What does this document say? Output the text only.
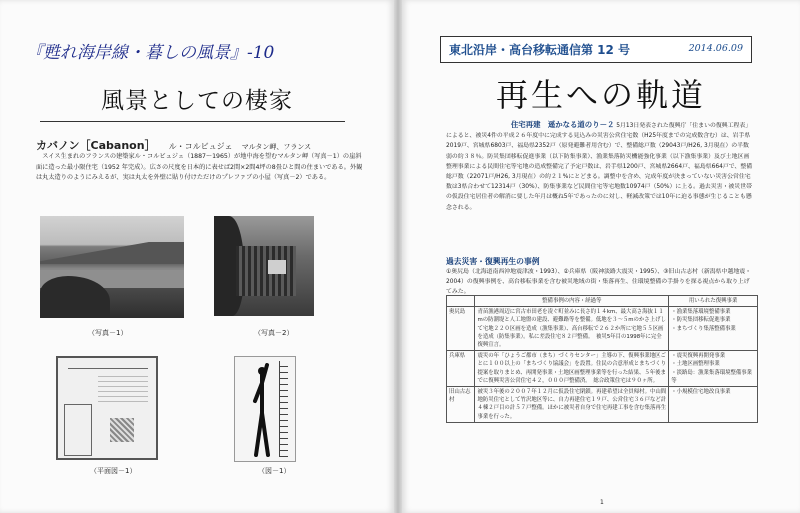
『甦れ海岸線・暮しの風景』-10
風景としての棲家
カバノン［Cabanon］ ル・コルビュジェ マルタン岬、フランス
スイス生まれのフランスの建築家ル・コルビュジェ（1887～1965）が地中海を望むマルタン岬（写真－1）の崖斜面に造った最小限住宅（1952 年完成）。広さの尺度を日本的に表せば2間×2間4坪の8畳ひと間の住まいである。外観は丸太造りのようにみえるが、実は丸太を外壁に貼り付けただけのプレファブの小屋（写真－2）である。
（写真－1）	（写真－2）
（平面図－1）	（図－1）
東北沿岸・高台移転通信第 12 号	2014.06.09
再生への軌道
住宅再建　遥かなる道のり－２ 5月13日発表された復興庁「住まいの復興工程表」によると、被災4件の平成２６年度中に完成する見込みの災害公営住宅数（H25年度までの完成数含む）は、岩手県2019戸、宮城県6803戸、福島県2352戸（原発避難者用含む）で、整備総戸数（29043戸/H26, 3月現在）の半数弱の約３８％。防災集団移転促進事業（以下防集事業）、漁業集落防災機能強化事業（以下漁集事業）及び土地区画整理事業による民間住宅等宅地の造成整備完了予定戸数は、岩手県1200戸、宮城県2664戸、福島県664戸で、整備総戸数（22071戸/H26, 3月現在）の約２１%にとどまる。調整中を含め、完成年度が決まっていない災害公営住宅数は3県合わせて12314戸（30%）、防集事業など民間住宅等宅地数10974戸（50%）に上る。過去災害・被災世帯の仮設住宅居住者の解消に要した年月は概ね5年であったのに対し、軽減改策では10年に迫る事態が生じることも懸念される。
過去災害・復興再生の事例
①奥尻島（北海道南西沖地震津波・1993）、②兵庫県（阪神淡路大震災・1995）、③旧山古志村（新潟県中越地震・2004）の復興事例を、高台移転事業を含む被災地域の街・集落再生、住環境整備の手掛りを探る視点から取り上げてみた。
	整備事例の内容・経過等	用いられた復興事業
奥尻島	青苗漁港周辺に宮古市田老を凌ぐ町並みに長さ約１４km、最大高さ海抜１１mの防潮堤と人工地盤の建設、避難路等を整備。低地を３～５mのかさ上げして宅地２２０区画を造成（漁集事業）、高台移転で２６２か所に宅地５５区画を造成（防集事業）。私に差設住宅８２戸整備。　被災5年目の1998年に完全復興宣言。	・漁業集落環境整備事業
・防災集団移転促進事業
・まちづくり集落整備事業
兵庫県	震災の年「ひょうご都市（まち）づくりセンター」主導の下、復興事業地区ごとに１００以上の「まちづくり協議会」を設置。住民の合意形成とまちづくり提案を取りまとめ、再開発事業・土地区画整理事業等を行った結果、５年後までに復興災害公営住宅４２，０００戸整備済。　総合政策住宅は９０ヶ所。	・震災復興再開発事業
・土地区画整理事業
・淡路島：漁業集落環境整備事業等
旧山古志村	被災３年後の２００７年１２月に仮設住宅閉鎖。再建希望は全員帰村。中山間地防災住宅として竹沢地区等に、自力再建住宅１９戸、公営住宅３６戸など計４棟２戸目の計５７戸整備。ほかに被災者自身で住宅再建工事を含む集落再生事業を行った。	・小規模住宅地改良事業
1
